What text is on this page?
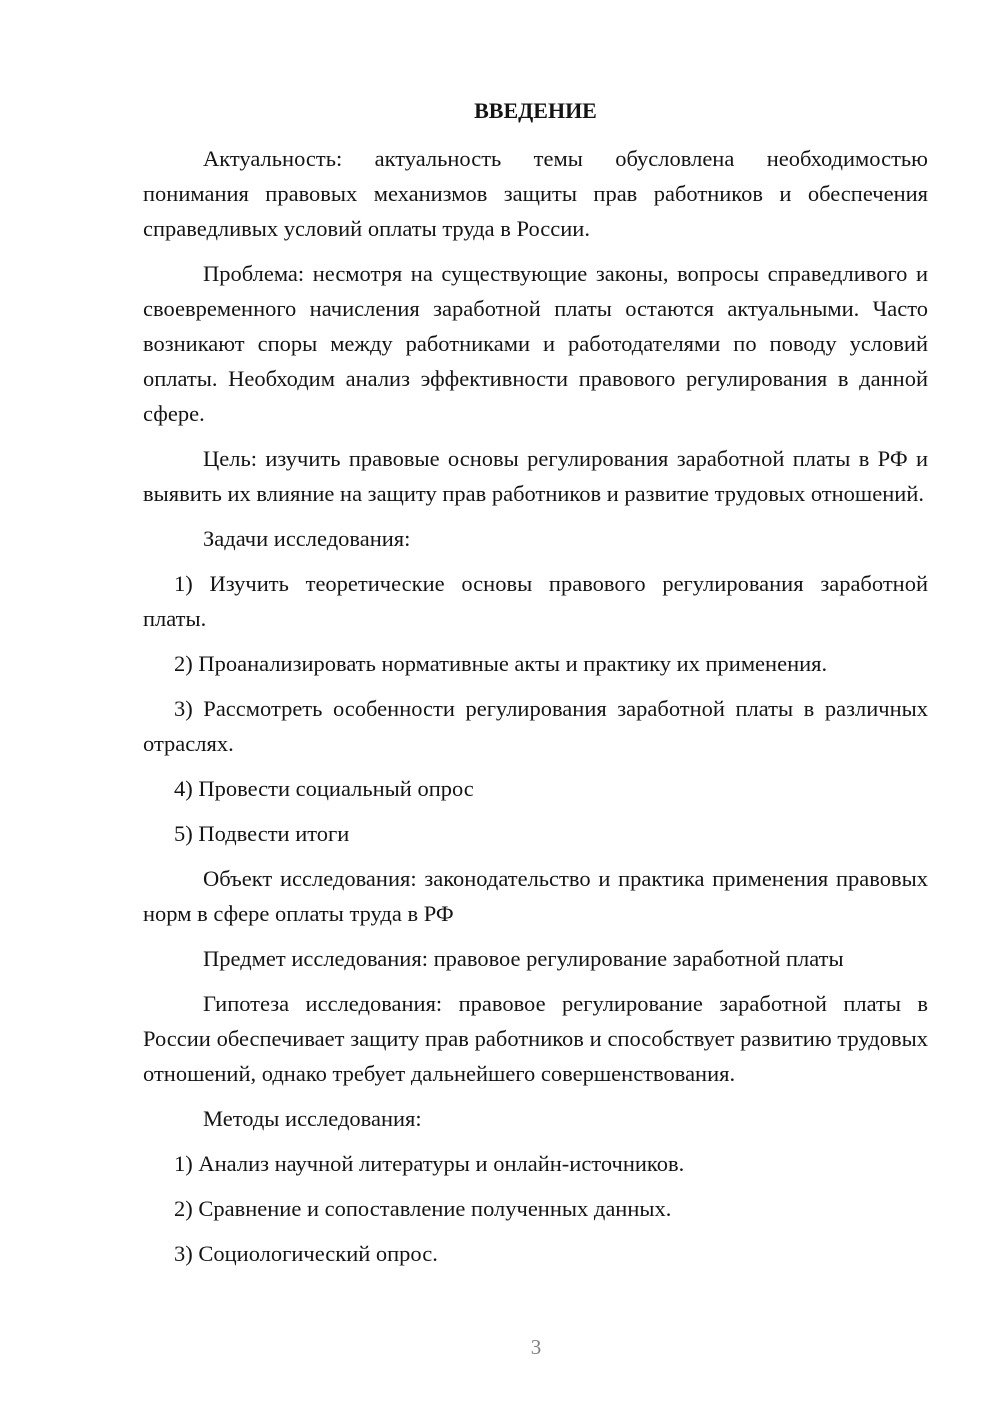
ВВЕДЕНИЕ

Актуальность: актуальность темы обусловлена необходимостью понимания правовых механизмов защиты прав работников и обеспечения справедливых условий оплаты труда в России.

Проблема: несмотря на существующие законы, вопросы справедливого и своевременного начисления заработной платы остаются актуальными. Часто возникают споры между работниками и работодателями по поводу условий оплаты. Необходим анализ эффективности правового регулирования в данной сфере.

Цель: изучить правовые основы регулирования заработной платы в РФ и выявить их влияние на защиту прав работников и развитие трудовых отношений.

Задачи исследования:

1) Изучить теоретические основы правового регулирования заработной платы.

2) Проанализировать нормативные акты и практику их применения.

3) Рассмотреть особенности регулирования заработной платы в различных отраслях.

4) Провести социальный опрос

5) Подвести итоги

Объект исследования: законодательство и практика применения правовых норм в сфере оплаты труда в РФ

Предмет исследования: правовое регулирование заработной платы

Гипотеза исследования: правовое регулирование заработной платы в России обеспечивает защиту прав работников и способствует развитию трудовых отношений, однако требует дальнейшего совершенствования.

Методы исследования:

1) Анализ научной литературы и онлайн-источников.

2) Сравнение и сопоставление полученных данных.

3) Социологический опрос.

3
